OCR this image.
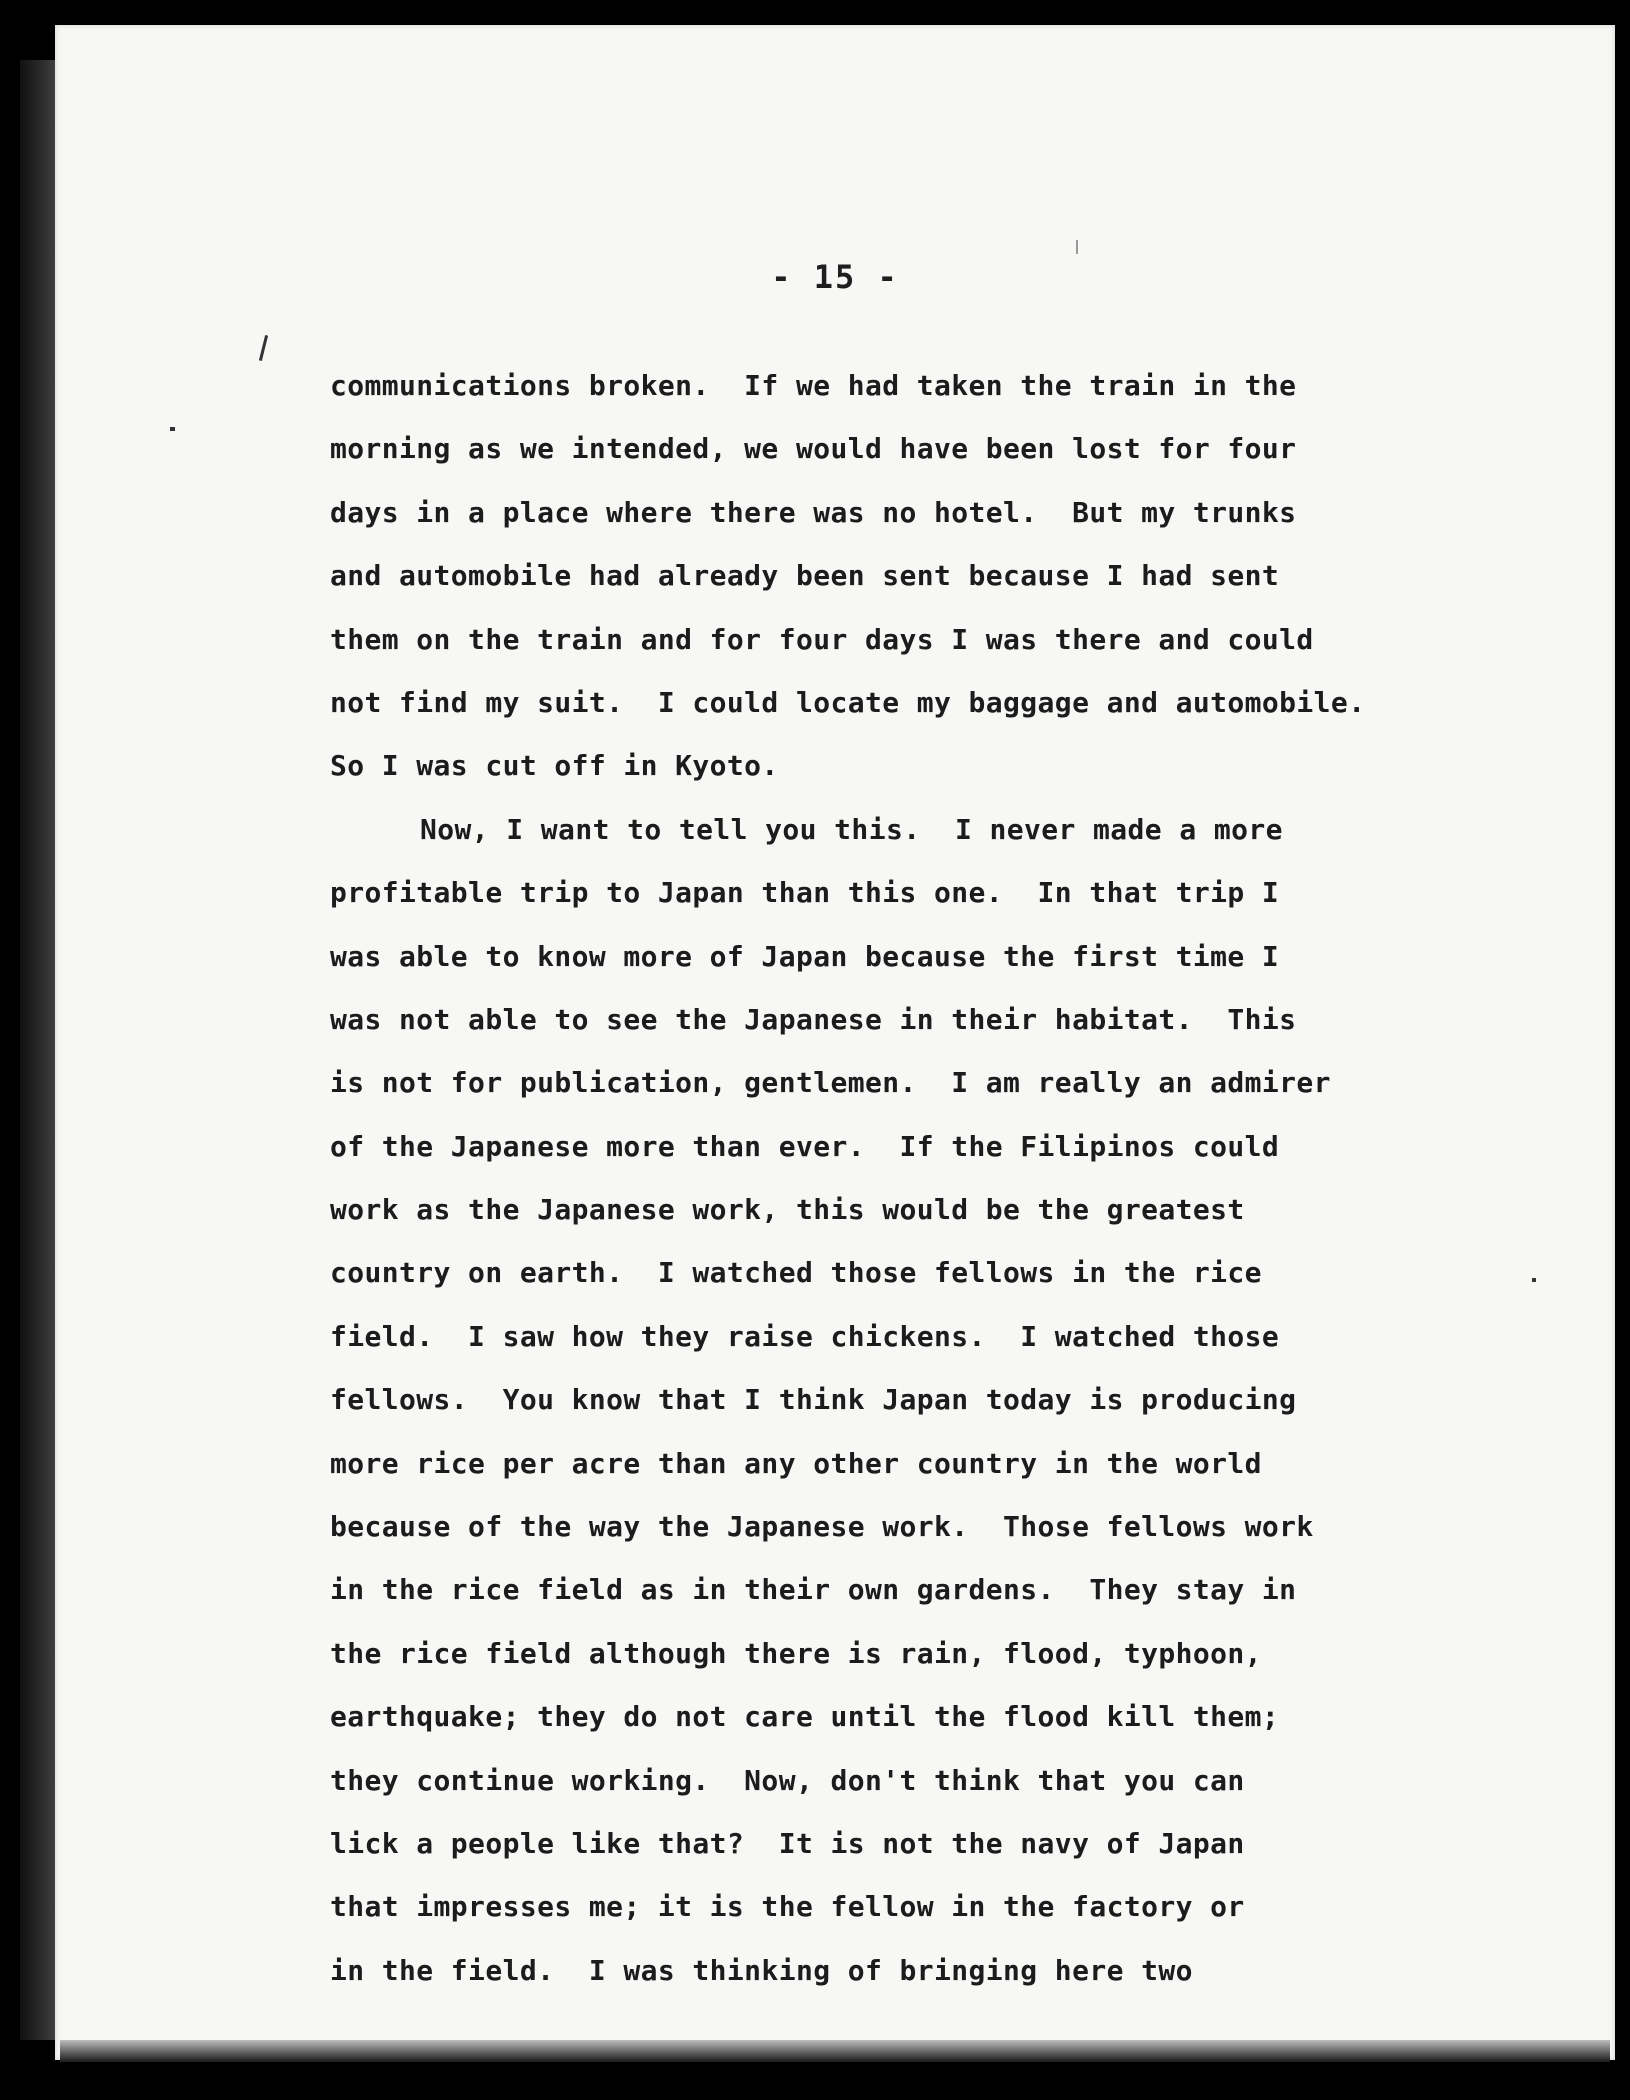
- 15 -
communications broken.  If we had taken the train in the
morning as we intended, we would have been lost for four
days in a place where there was no hotel.  But my trunks
and automobile had already been sent because I had sent
them on the train and for four days I was there and could
not find my suit.  I could locate my baggage and automobile.
So I was cut off in Kyoto.
Now, I want to tell you this.  I never made a more
profitable trip to Japan than this one.  In that trip I
was able to know more of Japan because the first time I
was not able to see the Japanese in their habitat.  This
is not for publication, gentlemen.  I am really an admirer
of the Japanese more than ever.  If the Filipinos could
work as the Japanese work, this would be the greatest
country on earth.  I watched those fellows in the rice
field.  I saw how they raise chickens.  I watched those
fellows.  You know that I think Japan today is producing
more rice per acre than any other country in the world
because of the way the Japanese work.  Those fellows work
in the rice field as in their own gardens.  They stay in
the rice field although there is rain, flood, typhoon,
earthquake; they do not care until the flood kill them;
they continue working.  Now, don't think that you can
lick a people like that?  It is not the navy of Japan
that impresses me; it is the fellow in the factory or
in the field.  I was thinking of bringing here two
